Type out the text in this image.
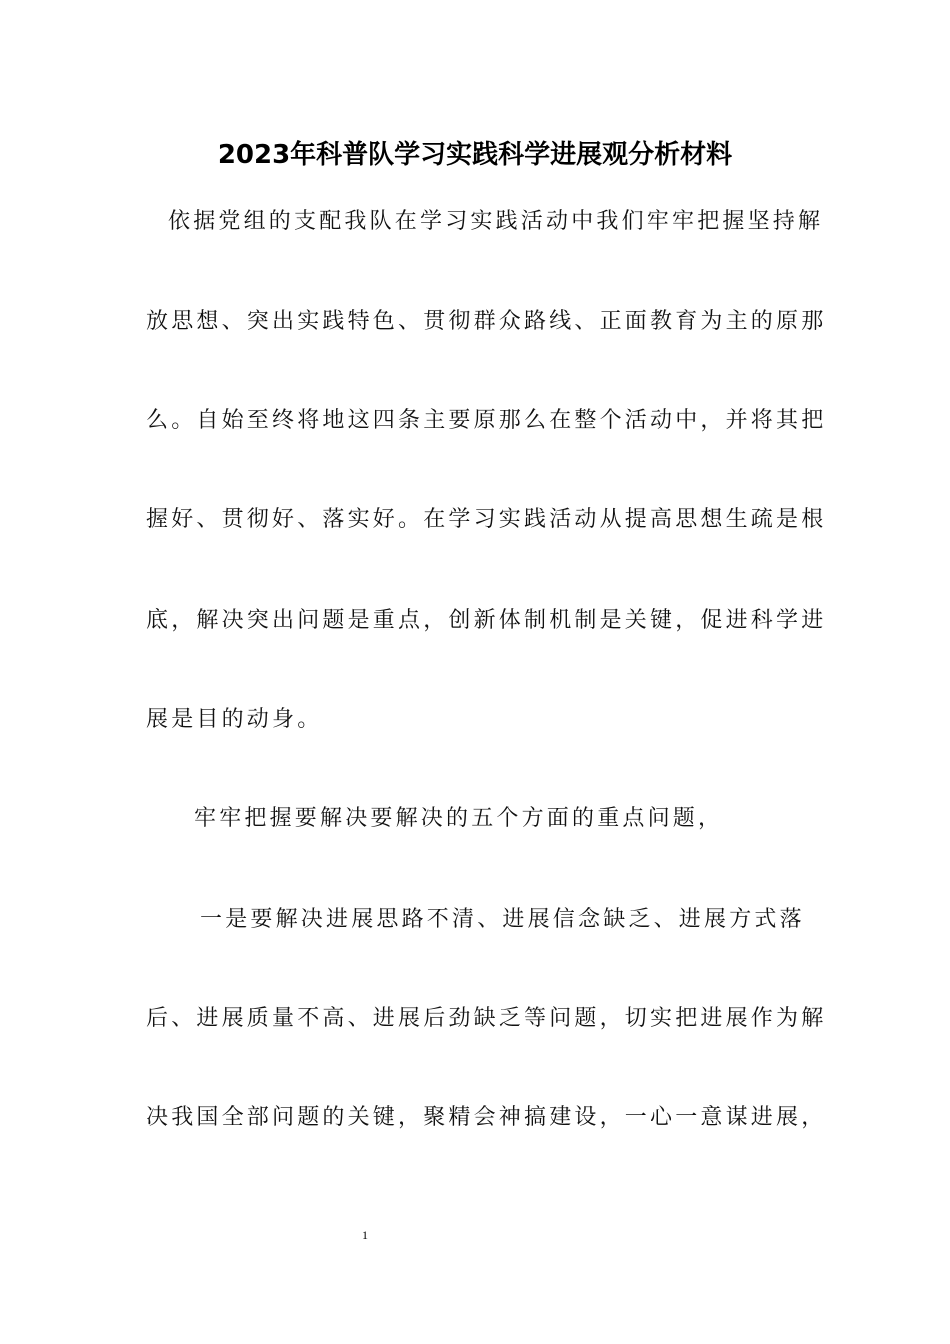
2023年科普队学习实践科学进展观分析材料
依据党组的支配我队在学习实践活动中我们牢牢把握坚持解
放思想、突出实践特色、贯彻群众路线、正面教育为主的原那
么。自始至终将地这四条主要原那么在整个活动中，并将其把
握好、贯彻好、落实好。在学习实践活动从提高思想生疏是根
底，解决突出问题是重点，创新体制机制是关键，促进科学进
展是目的动身。
牢牢把握要解决要解决的五个方面的重点问题，
一是要解决进展思路不清、进展信念缺乏、进展方式落
后、进展质量不高、进展后劲缺乏等问题，切实把进展作为解
决我国全部问题的关键，聚精会神搞建设，一心一意谋进展，
1
